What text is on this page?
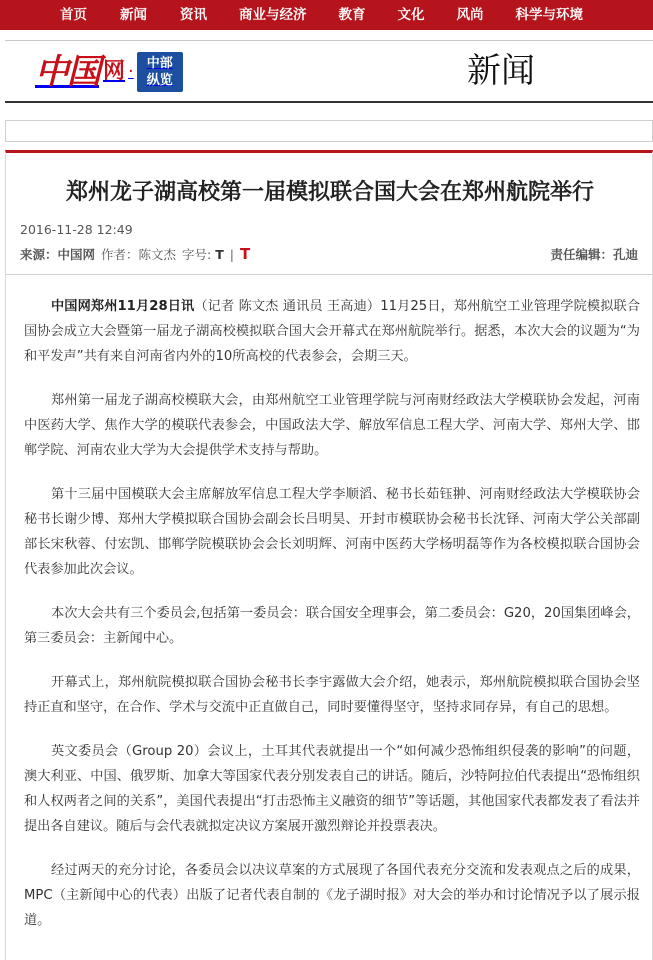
首页 新闻 资讯 商业与经济 教育 文化 风尚 科学与环境
中国 网 · 中部纵览	新闻
郑州龙子湖高校第一届模拟联合国大会在郑州航院举行
2016-11-28 12:49
来源：中国网 作者：陈文杰 字号: T | T	责任编辑：孔迪

中国网郑州11月28日讯（记者 陈文杰 通讯员 王高迪）11月25日，郑州航空工业管理学院模拟联合国协会成立大会暨第一届龙子湖高校模拟联合国大会开幕式在郑州航院举行。据悉，本次大会的议题为“为和平发声”共有来自河南省内外的10所高校的代表参会，会期三天。

郑州第一届龙子湖高校模联大会，由郑州航空工业管理学院与河南财经政法大学模联协会发起，河南中医药大学、焦作大学的模联代表参会，中国政法大学、解放军信息工程大学、河南大学、郑州大学、邯郸学院、河南农业大学为大会提供学术支持与帮助。

第十三届中国模联大会主席解放军信息工程大学李顺滔、秘书长茹钰翀、河南财经政法大学模联协会秘书长谢少博、郑州大学模拟联合国协会副会长吕明昊、开封市模联协会秘书长沈铎、河南大学公关部副部长宋秋蓉、付宏凯、邯郸学院模联协会会长刘明辉、河南中医药大学杨明磊等作为各校模拟联合国协会代表参加此次会议。

本次大会共有三个委员会,包括第一委员会：联合国安全理事会，第二委员会：G20，20国集团峰会，第三委员会：主新闻中心。

开幕式上，郑州航院模拟联合国协会秘书长李宇露做大会介绍，她表示，郑州航院模拟联合国协会坚持正直和坚守，在合作、学术与交流中正直做自己，同时要懂得坚守，坚持求同存异，有自己的思想。

英文委员会（Group 20）会议上，土耳其代表就提出一个“如何减少恐怖组织侵袭的影响”的问题，澳大利亚、中国、俄罗斯、加拿大等国家代表分别发表自己的讲话。随后，沙特阿拉伯代表提出“恐怖组织和人权两者之间的关系”，美国代表提出“打击恐怖主义融资的细节”等话题，其他国家代表都发表了看法并提出各自建议。随后与会代表就拟定决议方案展开激烈辩论并投票表决。

经过两天的充分讨论，各委员会以决议草案的方式展现了各国代表充分交流和发表观点之后的成果，MPC（主新闻中心的代表）出版了记者代表自制的《龙子湖时报》对大会的举办和讨论情况予以了展示报道。
